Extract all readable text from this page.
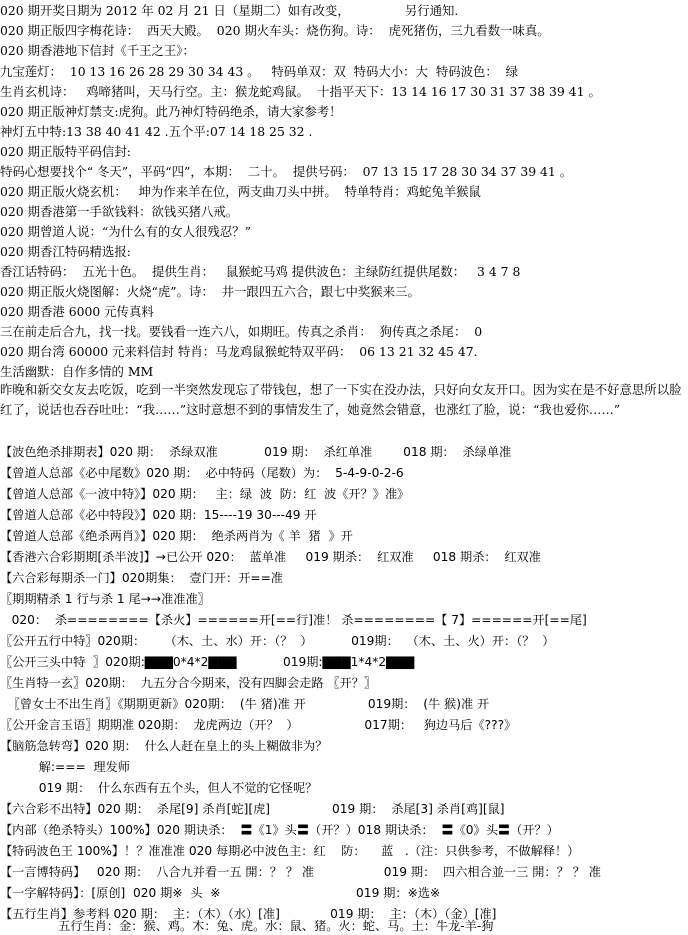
020 期开奖日期为 2012 年 02 月 21 日（星期二）如有改变，              另行通知.
020 期正版四字梅花诗：  西天大殿。  020 期火车头：烧伤狗。诗：  虎死猪伤，三九看数一味真。
020 期香港地下信封《千王之王》：
九宝莲灯：  10 13 16 26 28 29 30 34 43 。   特码单双：双  特码大小：大  特码波色：  绿
生肖玄机诗：   鸡啼猪叫，天马行空。主：猴龙蛇鸡鼠。  十指平天下：13 14 16 17 30 31 37 38 39 41 。
020 期正版神灯禁支:虎狗。此乃神灯特码绝杀，请大家参考！
神灯五中特:13 38 40 41 42 .五个平:07 14 18 25 32 .
020 期正版特平码信封:
特码心想要找个“ 冬天”，平码“四”，本期：  二十。  提供号码：  07 13 15 17 28 30 34 37 39 41 。
020 期正版火烧玄机：   坤为作来羊在位，两支曲刀头中拼。  特单特肖：鸡蛇兔羊猴鼠
020 期香港第一手欲钱料：欲钱买猪八戒。
020 期曾道人说：“为什么有的女人很残忍？”
020 期香江特码精选报:
香江话特码：  五光十色。  提供生肖：   鼠猴蛇马鸡 提供波色：主绿防红提供尾数：   3 4 7 8
020 期正版火烧图解：火烧“虎”。诗：  井一跟四五六合，跟七中奖猴来三。
020 期香港 6000 元传真料
三在前走后合九，找一找。要钱看一连六八，如期旺。传真之杀肖：  狗传真之杀尾：  0
020 期台湾 60000 元来料信封 特肖：马龙鸡鼠猴蛇特双平码：  06 13 21 32 45 47.
生活幽默：自作多情的 MM
昨晚和新交女友去吃饭，吃到一半突然发现忘了带钱包，想了一下实在没办法，只好向女友开口。因为实在是不好意思所以脸红了，说话也吞吞吐吐：“我……”这时意想不到的事情发生了，她竟然会错意，也涨红了脸，说：“我也爱你……”
【波色绝杀排期表】020 期：  杀绿双准            019 期：  杀红单准        018 期：  杀绿单准
【曾道人总部《必中尾数》020 期：  必中特码（尾数）为：  5-4-9-0-2-6
【曾道人总部《一波中特》】020 期：   主：绿  波  防：红  波《开？》准》
【曾道人总部《必中特段》】020 期：15----19 30---49 开
【曾道人总部《绝杀两肖》】020 期：  绝杀两肖为《 羊  猪  》开
【香港六合彩期期[杀半波]】→已公开 020：  蓝单准     019 期杀：  红双准     018 期杀：  红双准
【六合彩每期杀一门】020期集：  壹门开：开==准
〖期期精杀 1 行与杀 1 尾→→准准准〗
020：  杀========【杀火】======开[==行]准！ 杀========【 7】======开[==尾]
〖公开五行中特〗020期：     （木、土、水）开：（？  ）          019期：  （木、土、火）开：（？  ）
〖公开三头中特  〗020期:▇▇▇0*4*2▇▇▇            019期:▇▇▇1*4*2▇▇▇
〖生肖特一玄〗020期：  九五分合今期来，没有四脚会走路 〖开？〗
〖曾女士不出生肖〗《期期更新》020期：  (牛 猪)准 开                019期：  (牛 猴)准 开
〖公开金言玉语〗期期准 020期：  龙虎两边（开？  ）                 017期：   狗边马后《???》
【脑筋急转弯】020 期：  什么人赶在皇上的头上糊做非为？
解:===  理发师
019 期：  什么东西有五个头，但人不觉的它怪呢？
【六合彩不出特】020 期：  杀尾[9] 杀肖[蛇][虎]                019 期：  杀尾[3] 杀肖[鸡][鼠]
【内部（绝杀特头）100%】020 期诀杀：  〓《1》头〓（开？）018 期诀杀：  〓《0》头〓（开？）
【特码波色王 100%】！？准准准 020 每期必中波色主：红    防：    蓝   .（注：只供参考，不做解释！）
【一言博特码】   020 期：  八合九并看一五 開：？ ？ 准                  019 期：  四六相合並一三 開：？ ？ 准
【一字解特码】：[原创]  020 期※  头  ※                                   019 期：※选※
【五行生肖】参考料 020 期：  主：（木）（水）[准]             019 期：  主：（木）（金）[准]
五行生肖：金：猴、鸡。木：兔、虎。水：鼠、猪。火：蛇、马。土：牛龙-羊-狗
